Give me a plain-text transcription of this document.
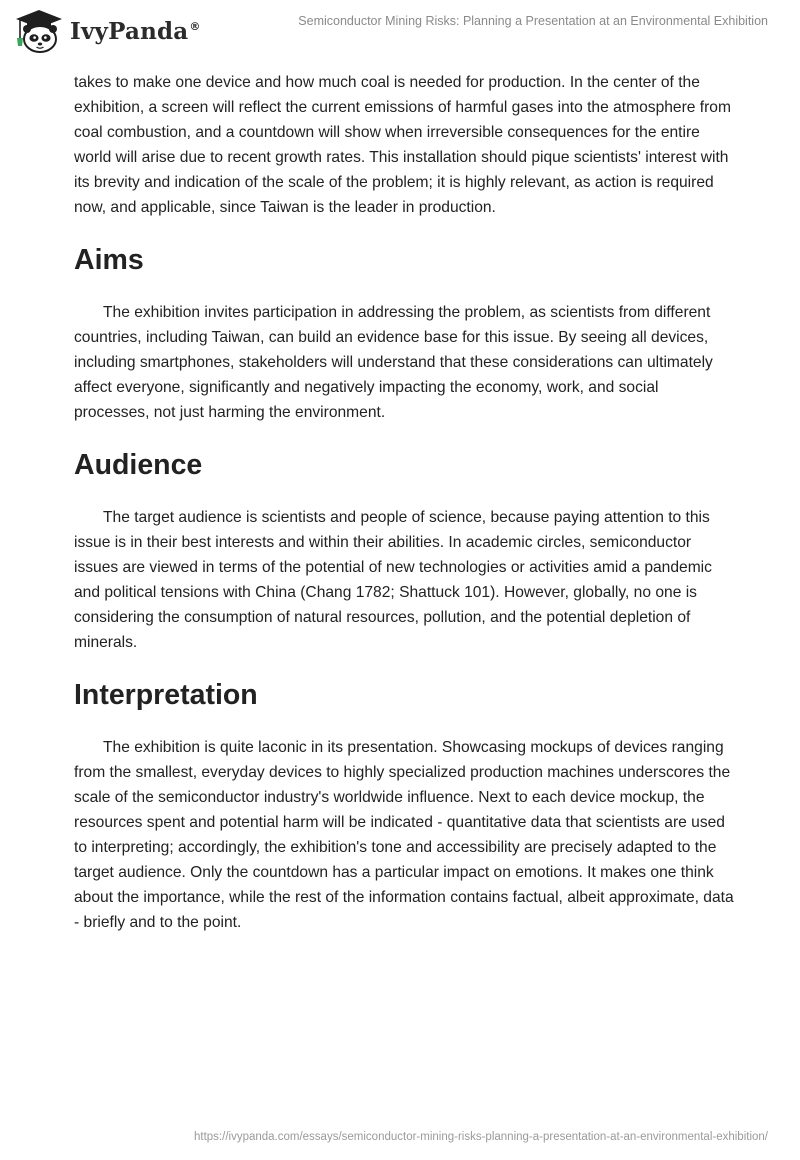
IvyPanda®	Semiconductor Mining Risks: Planning a Presentation at an Environmental Exhibition

takes to make one device and how much coal is needed for production. In the center of the exhibition, a screen will reflect the current emissions of harmful gases into the atmosphere from coal combustion, and a countdown will show when irreversible consequences for the entire world will arise due to recent growth rates. This installation should pique scientists' interest with its brevity and indication of the scale of the problem; it is highly relevant, as action is required now, and applicable, since Taiwan is the leader in production.

Aims

The exhibition invites participation in addressing the problem, as scientists from different countries, including Taiwan, can build an evidence base for this issue. By seeing all devices, including smartphones, stakeholders will understand that these considerations can ultimately affect everyone, significantly and negatively impacting the economy, work, and social processes, not just harming the environment.

Audience

The target audience is scientists and people of science, because paying attention to this issue is in their best interests and within their abilities. In academic circles, semiconductor issues are viewed in terms of the potential of new technologies or activities amid a pandemic and political tensions with China (Chang 1782; Shattuck 101). However, globally, no one is considering the consumption of natural resources, pollution, and the potential depletion of minerals.

Interpretation

The exhibition is quite laconic in its presentation. Showcasing mockups of devices ranging from the smallest, everyday devices to highly specialized production machines underscores the scale of the semiconductor industry's worldwide influence. Next to each device mockup, the resources spent and potential harm will be indicated - quantitative data that scientists are used to interpreting; accordingly, the exhibition's tone and accessibility are precisely adapted to the target audience. Only the countdown has a particular impact on emotions. It makes one think about the importance, while the rest of the information contains factual, albeit approximate, data - briefly and to the point.

https://ivypanda.com/essays/semiconductor-mining-risks-planning-a-presentation-at-an-environmental-exhibition/
